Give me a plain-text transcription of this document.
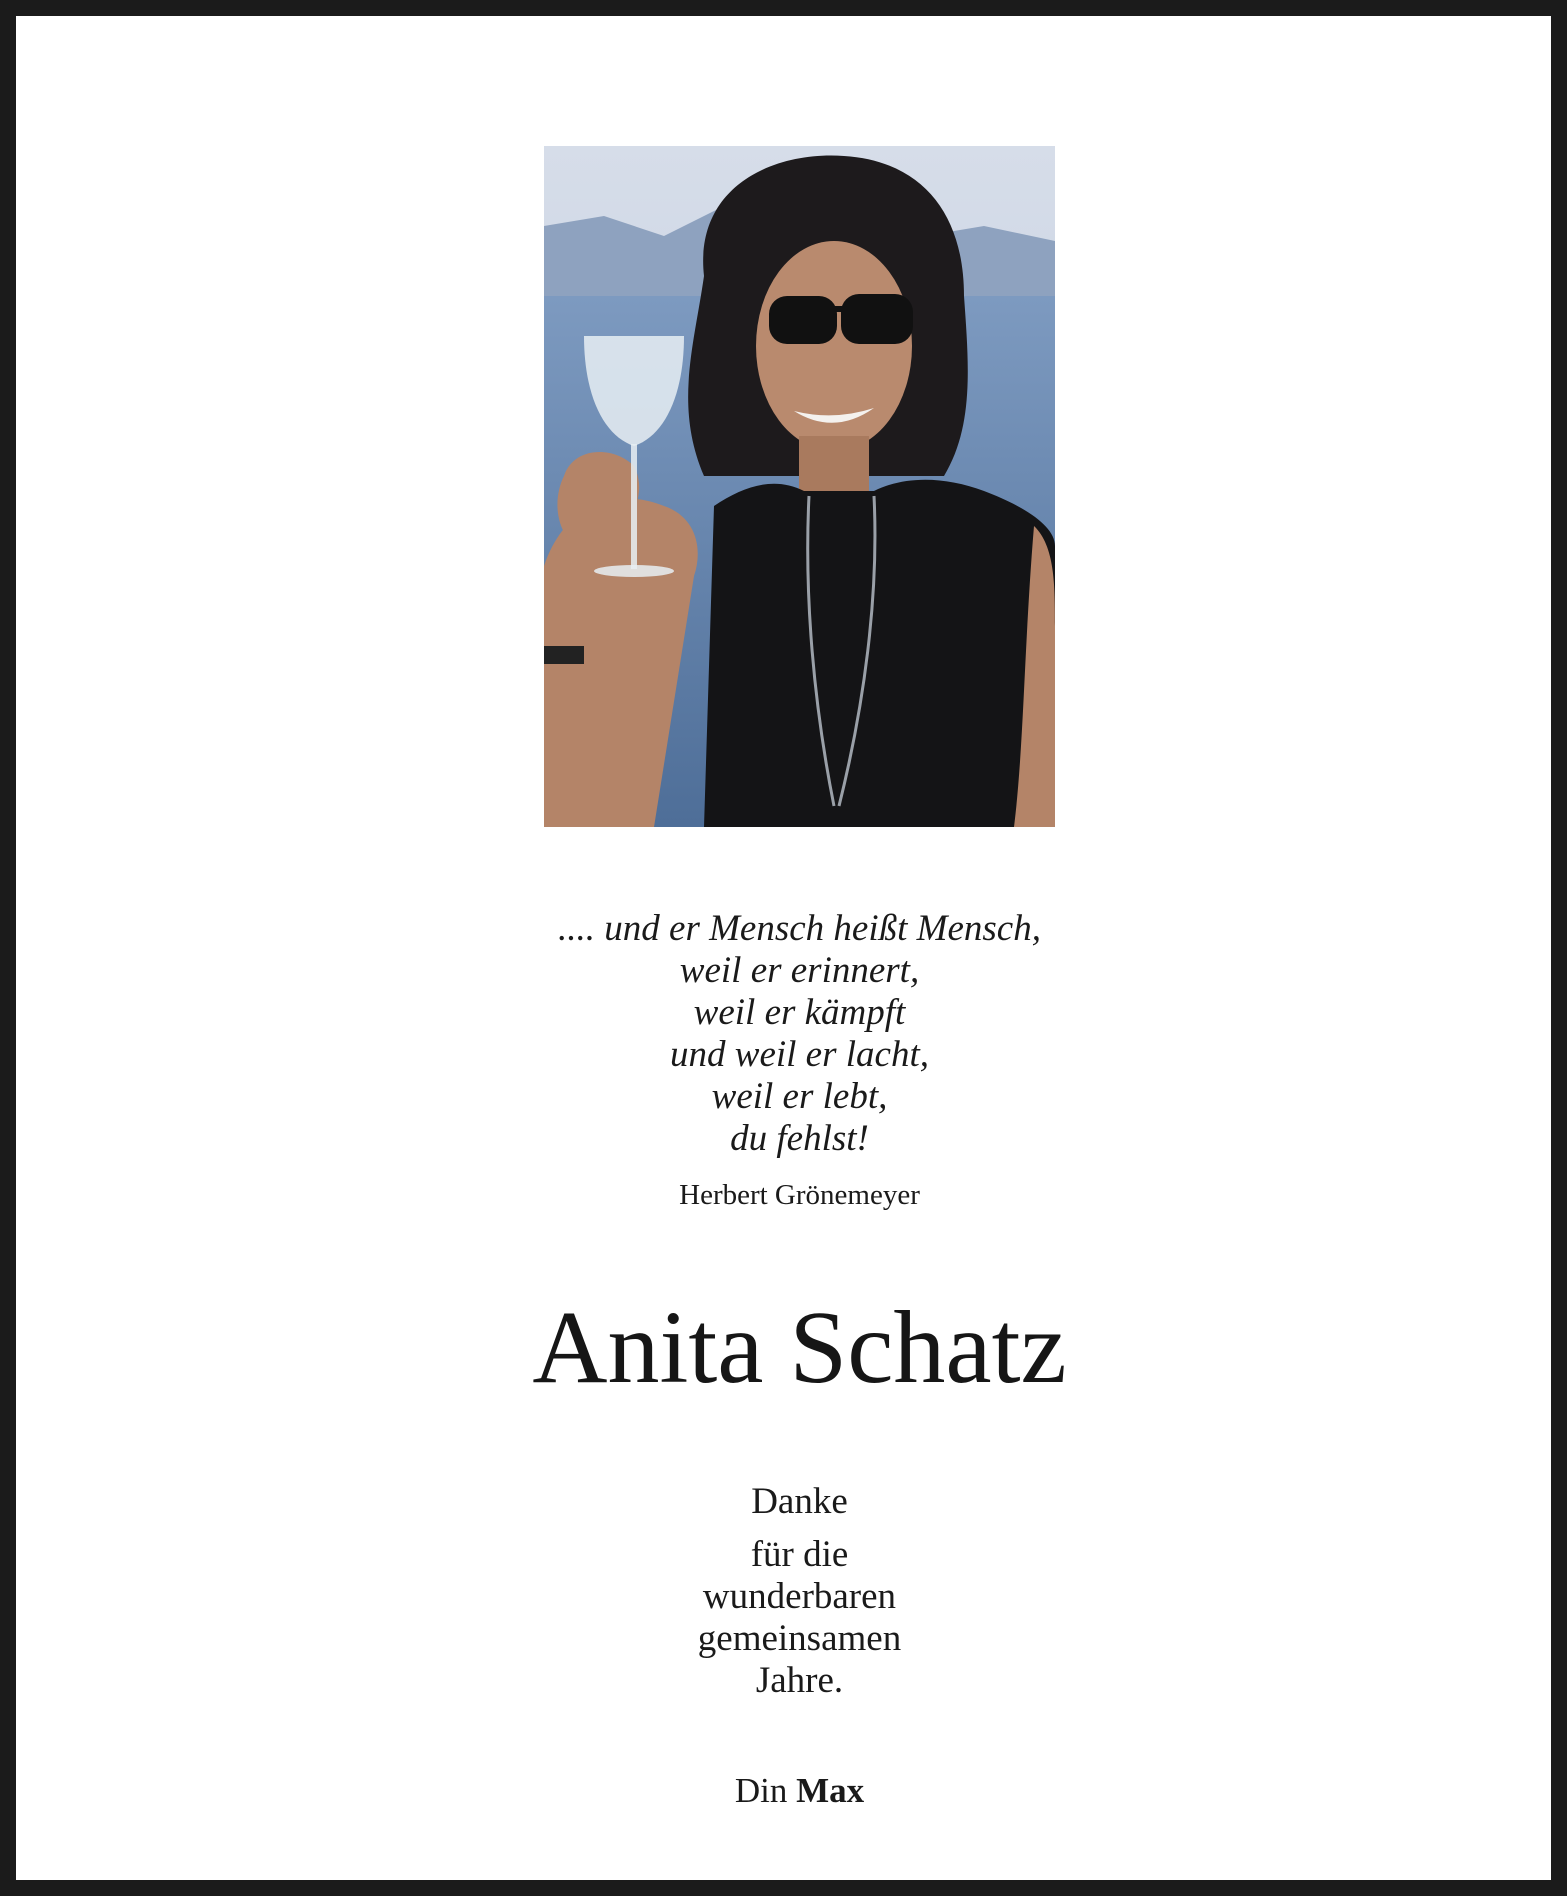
.... und er Mensch heißt Mensch,
weil er erinnert,
weil er kämpft
und weil er lacht,
weil er lebt,
du fehlst!
Herbert Grönemeyer
Anita Schatz
Danke
für die
wunderbaren
gemeinsamen
Jahre.
Din Max
